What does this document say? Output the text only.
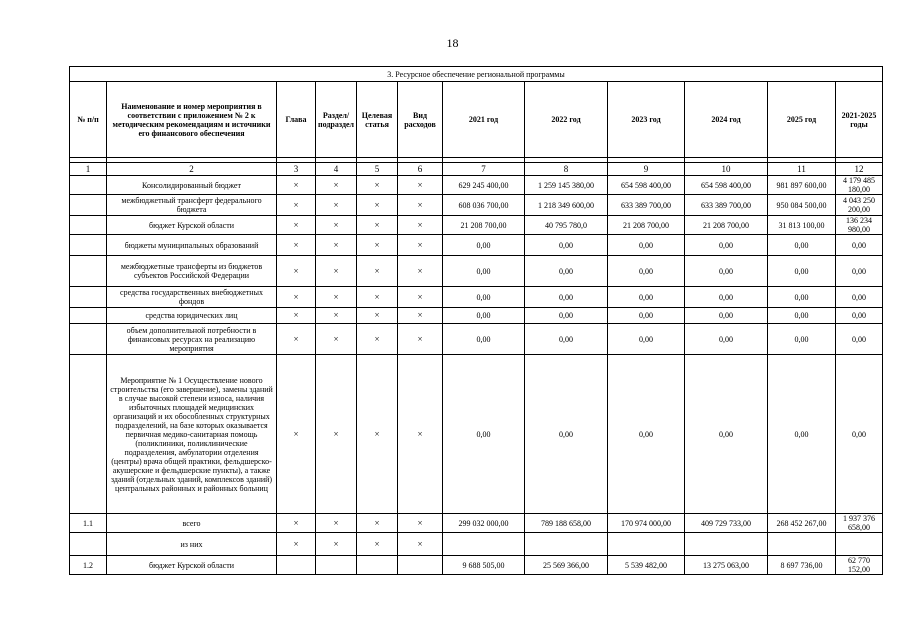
18
3. Ресурсное обеспечение региональной программы											
№ п/п	Наименование и номер мероприятия в соответствии с приложением № 2 к методическим рекомендациям и источники его финансового обеспечения	Глава	Раздел/ подраздел	Целевая статья	Вид расходов	2021 год	2022 год	2023 год	2024 год	2025 год	2021-2025 годы

1	2	3	4	5	6	7	8	9	10	11	12
	Консолидированный бюджет	×	×	×	×	629 245 400,00	1 259 145 380,00	654 598 400,00	654 598 400,00	981 897 600,00	4 179 485 180,00
	межбюджетный трансферт федерального бюджета	×	×	×	×	608 036 700,00	1 218 349 600,00	633 389 700,00	633 389 700,00	950 084 500,00	4 043 250 200,00
	бюджет Курской области	×	×	×	×	21 208 700,00	40 795 780,0	21 208 700,00	21 208 700,00	31 813 100,00	136 234 980,00
	бюджеты муниципальных образований	×	×	×	×	0,00	0,00	0,00	0,00	0,00	0,00
	межбюджетные трансферты из бюджетов субъектов Российской Федерации	×	×	×	×	0,00	0,00	0,00	0,00	0,00	0,00
	средства государственных внебюджетных фондов	×	×	×	×	0,00	0,00	0,00	0,00	0,00	0,00
	средства юридических лиц	×	×	×	×	0,00	0,00	0,00	0,00	0,00	0,00
	объем дополнительной потребности в финансовых ресурсах на реализацию мероприятия	×	×	×	×	0,00	0,00	0,00	0,00	0,00	0,00
	Мероприятие № 1 Осуществление нового строительства (его завершение), замены зданий в случае высокой степени износа, наличия избыточных площадей медицинских организаций и их обособленных структурных подразделений, на базе которых оказывается первичная медико-санитарная помощь (поликлиники, поликлинические подразделения, амбулатории отделения (центры) врача общей практики, фельдшерско-акушерские и фельдшерские пункты), а также зданий (отдельных зданий, комплексов зданий) центральных районных и районных больниц	×	×	×	×	0,00	0,00	0,00	0,00	0,00	0,00
1.1	всего	×	×	×	×	299 032 000,00	789 188 658,00	170 974 000,00	409 729 733,00	268 452 267,00	1 937 376 658,00
	из них	×	×	×	×						
1.2	бюджет Курской области					9 688 505,00	25 569 366,00	5 539 482,00	13 275 063,00	8 697 736,00	62 770 152,00
